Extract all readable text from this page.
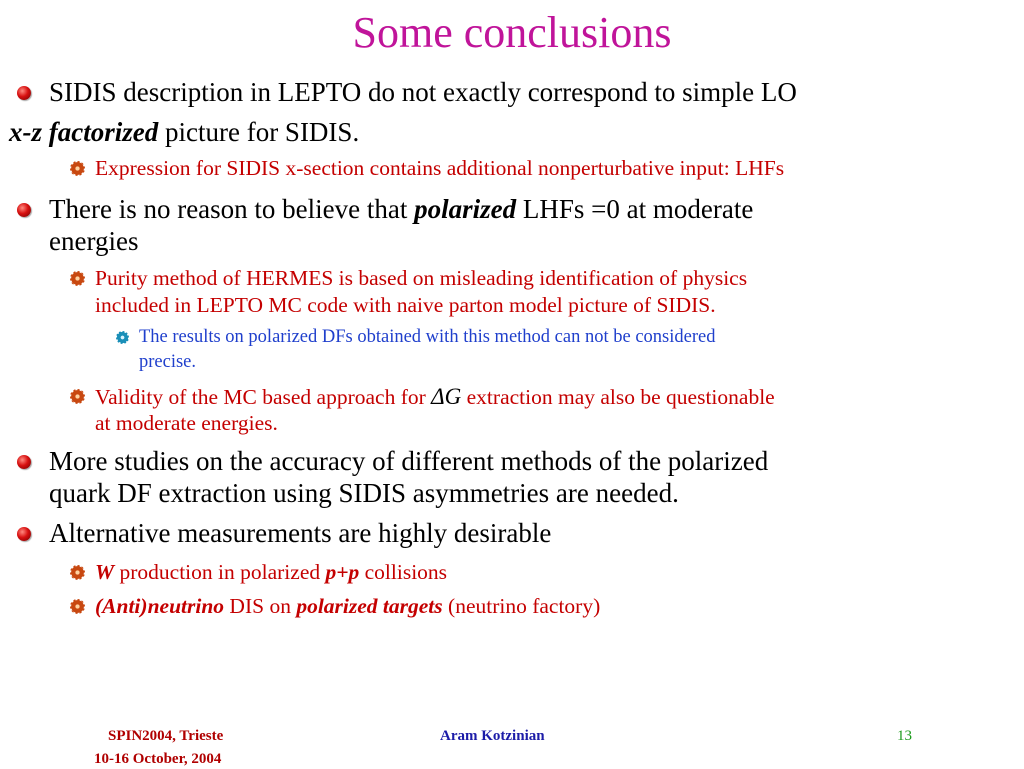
Some conclusions
SIDIS description in LEPTO do not exactly correspond to simple LO
x-z factorized picture for SIDIS.
Expression for SIDIS x-section contains additional nonperturbative input: LHFs
There is no reason to believe that polarized LHFs =0 at moderate
energies
Purity method of HERMES is based on misleading identification of physics
included in LEPTO MC code with naive parton model picture of SIDIS.
The results on polarized DFs obtained with this method can not be considered
precise.
Validity of the MC based approach for ΔG extraction may also be questionable
at moderate energies.
More studies on the accuracy of different methods of the polarized
quark DF extraction using SIDIS asymmetries are needed.
Alternative measurements are highly desirable
W production in polarized p+p collisions
(Anti)neutrino DIS on polarized targets (neutrino factory)
SPIN2004, Trieste
10-16 October, 2004
Aram Kotzinian	13
